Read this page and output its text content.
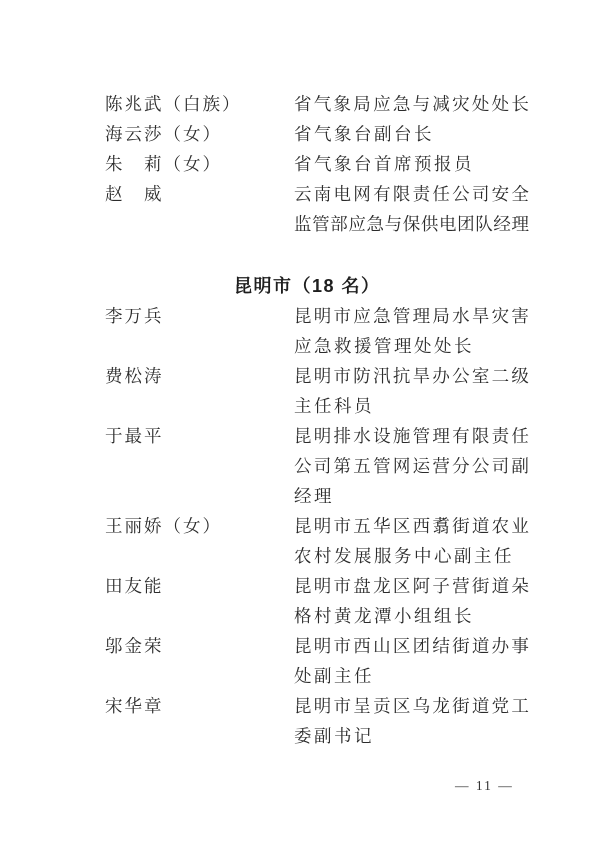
陈兆武（白族）	省 气 象 局 应 急 与 减 灾 处 处 长
海云莎（女）	省气象台副台长
朱　莉（女）	省气象台首席预报员
赵　威	云 南 电 网 有 限 责 任 公 司 安 全
监 管 部 应 急 与 保 供 电 团 队 经 理
昆明市（18 名）
李万兵	昆 明 市 应 急 管 理 局 水 旱 灾 害
应急救援管理处处长
费松涛	昆 明 市 防 汛 抗 旱 办 公 室 二 级
主任科员
于最平	昆 明 排 水 设 施 管 理 有 限 责 任
公 司 第 五 管 网 运 营 分 公 司 副
经理
王丽娇（女）	昆 明 市 五 华 区 西 翥 街 道 农 业
农村发展服务中心副主任
田友能	昆 明 市 盘 龙 区 阿 子 营 街 道 朵
格村黄龙潭小组组长
邬金荣	昆 明 市 西 山 区 团 结 街 道 办 事
处副主任
宋华章	昆 明 市 呈 贡 区 乌 龙 街 道 党 工
委副书记
— 11 —
